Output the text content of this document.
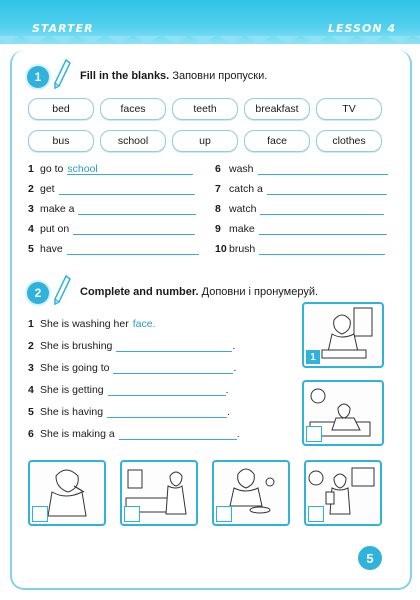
STARTER	LESSON 4
1	Fill in the blanks. Заповни пропуски.
bed	faces	teeth	breakfast	TV
bus	school	up	face	clothes
1 go to school
2 get
3 make a
4 put on
5 have
6 wash
7 catch a
8 watch
9 make
10 brush
2	Complete and number. Доповни і пронумеруй.
1 She is washing her face.
2 She is brushing	.
3 She is going to	.
4 She is getting	.
5 She is having	.
6 She is making a	.
1
5
